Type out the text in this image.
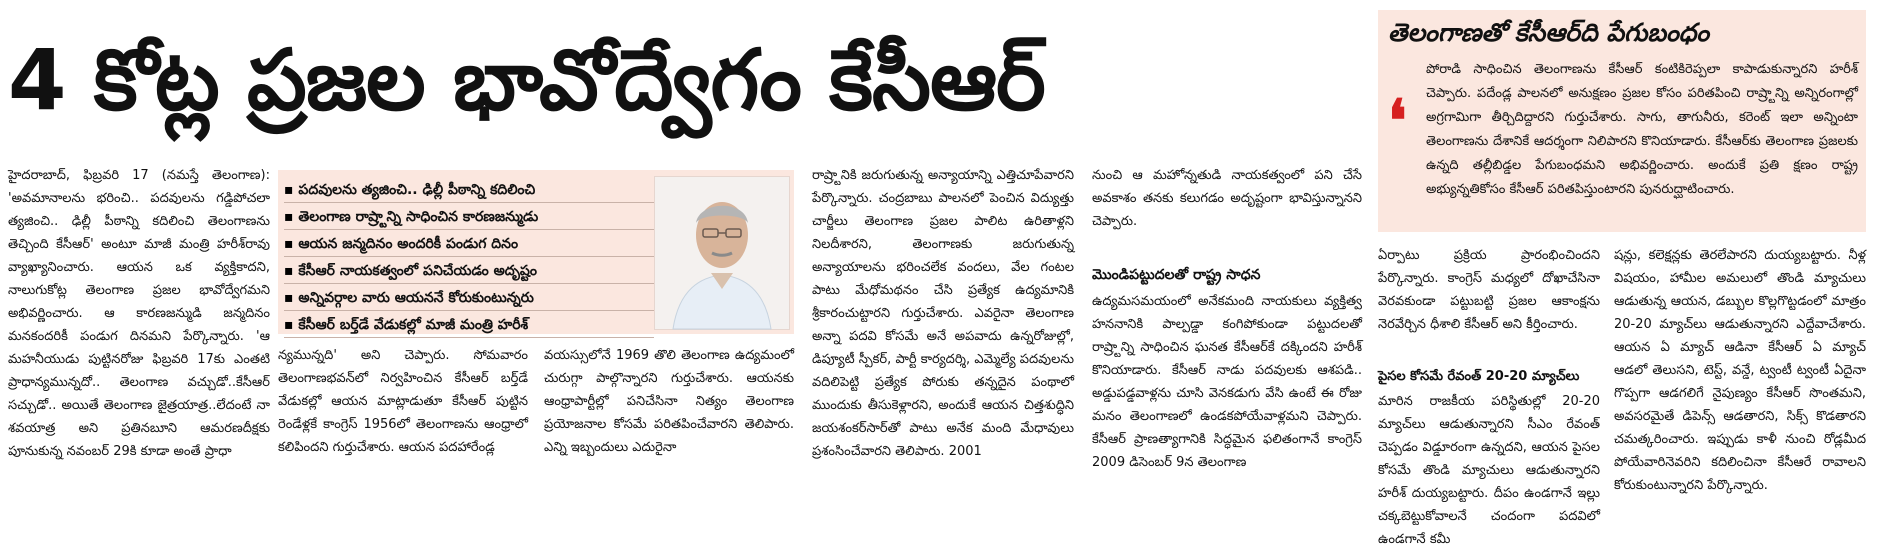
4 కోట్ల ప్రజల భావోద్వేగం కేసీఆర్	తెలంగాణతో కేసీఆర్‌ది పేగుబంధం
❛
పోరాడి సాధించిన తెలంగాణను కేసీఆర్ కంటికిరెప్పలా కాపాడుకున్నారని హరీశ్ చెప్పారు. పదేండ్ల పాలనలో అనుక్షణం ప్రజల కోసం పరితపించి రాష్ర్టాన్ని అన్నిరంగాల్లో అగ్రగామిగా తీర్చిదిద్దారని గుర్తుచేశారు. సాగు, తాగునీరు, కరెంట్ ఇలా అన్నింటా తెలంగాణను దేశానికే ఆదర్శంగా నిలిపారని కొనియాడారు. కేసీఆర్‌కు తెలంగాణ ప్రజలకు ఉన్నది తల్లీబిడ్డల పేగుబంధమని అభివర్ణించారు. అందుకే ప్రతి క్షణం రాష్ట్ర అభ్యున్నతికోసం కేసీఆర్ పరితపిస్తుంటారని పునరుద్ఘాటించారు.
హైదరాబాద్, ఫిబ్రవరి 17 (నమస్తే తెలంగాణ): 'అవమానాలను భరించి.. పదవులను గడ్డిపోచలా త్యజించి.. ఢిల్లీ పీఠాన్ని కదిలించి తెలంగాణను తెచ్చింది కేసీఆర్' అంటూ మాజీ మంత్రి హరీశ్‌రావు వ్యాఖ్యానించారు. ఆయన ఒక వ్యక్తికాదని, నాలుగుకోట్ల తెలంగాణ ప్రజల భావోద్వేగమని అభివర్ణించారు. ఆ కారణజన్ముడి జన్మదినం మనకందరికీ పండుగ దినమని పేర్కొన్నారు. 'ఆ మహనీయుడు పుట్టినరోజు ఫిబ్రవరి 17కు ఎంతటి ప్రాధాన్యమున్నదో.. తెలంగాణ వచ్చుడో..కేసీఆర్ సచ్చుడో.. అయితే తెలంగాణ జైత్రయాత్ర..లేదంటే నా శవయాత్ర అని ప్రతినబూని ఆమరణదీక్షకు పూనుకున్న నవంబర్ 29కి కూడా అంతే ప్రాధా
▪ పదవులను త్యజించి.. ఢిల్లీ పీఠాన్ని కదిలించి
▪ తెలంగాణ రాష్ర్టాన్ని సాధించిన కారణజన్ముడు
▪ ఆయన జన్మదినం అందరికీ పండుగ దినం
▪ కేసీఆర్ నాయకత్వంలో పనిచేయడం అదృష్టం
▪ అన్నివర్గాల వారు ఆయననే కోరుకుంటున్నరు
▪ కేసీఆర్ బర్త్‌డే వేడుకల్లో మాజీ మంత్రి హరీశ్
న్యమున్నది' అని చెప్పారు. సోమవారం తెలంగాణభవన్‌లో నిర్వహించిన కేసీఆర్ బర్త్‌డే వేడుకల్లో ఆయన మాట్లాడుతూ కేసీఆర్ పుట్టిన రెండేళ్లకే కాంగ్రెస్ 1956లో తెలంగాణను ఆంధ్రాలో కలిపిందని గుర్తుచేశారు. ఆయన పదహారేండ్ల
వయస్సులోనే 1969 తొలి తెలంగాణ ఉద్యమంలో చురుగ్గా పాల్గొన్నారని గుర్తుచేశారు. ఆయనకు ఆంధ్రాపార్టీల్లో పనిచేసినా నిత్యం తెలంగాణ ప్రయోజనాల కోసమే పరితపించేవారని తెలిపారు. ఎన్ని ఇబ్బందులు ఎదురైనా
రాష్ర్టానికి జరుగుతున్న అన్యాయాన్ని ఎత్తిచూపేవారని పేర్కొన్నారు. చంద్రబాబు పాలనలో పెంచిన విద్యుత్తు చార్జీలు తెలంగాణ ప్రజల పాలిట ఉరితాళ్లని నిలదీశారని, తెలంగాణకు జరుగుతున్న అన్యాయాలను భరించలేక వందలు, వేల గంటల పాటు మేధోమథనం చేసి ప్రత్యేక ఉద్యమానికి శ్రీకారంచుట్టారని గుర్తుచేశారు. ఎవరైనా తెలంగాణ అన్నా పదవి కోసమే అనే అపవాదు ఉన్నరోజుల్లో, డిప్యూటీ స్పీకర్, పార్టీ కార్యదర్శి, ఎమ్మెల్యే పదవులను వదిలిపెట్టి ప్రత్యేక పోరుకు తన్నదైన పంథాలో ముందుకు తీసుకెళ్లారని, అందుకే ఆయన చిత్తశుద్ధిని జయశంకర్‌సార్‌తో పాటు అనేక మంది మేధావులు ప్రశంసించేవారని తెలిపారు. 2001
నుంచి ఆ మహోన్నతుడి నాయకత్వంలో పని చేసే అవకాశం తనకు కలుగడం అదృష్టంగా భావిస్తున్నానని చెప్పారు.
మొండిపట్టుదలతో రాష్ట్ర సాధన
ఉద్యమసమయంలో అనేకమంది నాయకులు వ్యక్తిత్వ హననానికి పాల్పడ్డా కంగిపోకుండా పట్టుదలతో రాష్ర్టాన్ని సాధించిన ఘనత కేసీఆర్‌కే దక్కిందని హరీశ్ కొనియాడారు. కేసీఆర్ నాడు పదవులకు ఆశపడి.. అడ్డుపడ్డవాళ్లను చూసి వెనకడుగు వేసి ఉంటే ఈ రోజు మనం తెలంగాణలో ఉండకపోయేవాళ్లమని చెప్పారు. కేసీఆర్ ప్రాణత్యాగానికి సిద్ధమైన ఫలితంగానే కాంగ్రెస్ 2009 డిసెంబర్ 9న తెలంగాణ
ఏర్పాటు ప్రక్రియ ప్రారంభించిందని పేర్కొన్నారు. కాంగ్రెస్ మధ్యలో దోఖాచేసినా వెరవకుండా పట్టుబట్టి ప్రజల ఆకాంక్షను నెరవేర్చిన ధీశాలి కేసీఆర్ అని కీర్తించారు.
పైసల కోసమే రేవంత్ 20-20 మ్యాచ్‌లు
మారిన రాజకీయ పరిస్థితుల్లో 20-20 మ్యాచ్‌లు ఆడుతున్నారని సీఎం రేవంత్ చెప్పడం విడ్డూరంగా ఉన్నదని, ఆయన పైసల కోసమే తొండి మ్యాచులు ఆడుతున్నారని హరీశ్ దుయ్యబట్టారు. దీపం ఉండగానే ఇల్లు చక్కబెట్టుకోవాలనే చందంగా పదవిలో ఉండగానే కమీ
షన్లు, కలెక్షన్లకు తెరలేపారని దుయ్యబట్టారు. నీళ్ల విషయం, హామీల అమలులో తొండి మ్యాచులు ఆడుతున్న ఆయన, డబ్బుల కొల్లగొట్టడంలో మాత్రం 20-20 మ్యాచ్‌లు ఆడుతున్నారని ఎద్దేవాచేశారు. ఆయన ఏ మ్యాచ్ ఆడినా కేసీఆర్ ఏ మ్యాచ్ ఆడలో తెలుసని, టెస్ట్, వన్డే, ట్వంటీ ట్వంటీ ఏదైనా గొప్పగా ఆడగలిగే నైపుణ్యం కేసీఆర్ సొంతమని, అవసరమైతే డిపెన్స్ ఆడతారని, సిక్స్ కొడతారని చమత్కరించారు. ఇప్పుడు కాళీ నుంచి రోడ్లమీద పోయేవారినెవరిని కదిలించినా కేసీఆరే రావాలని కోరుకుంటున్నారని పేర్కొన్నారు.
